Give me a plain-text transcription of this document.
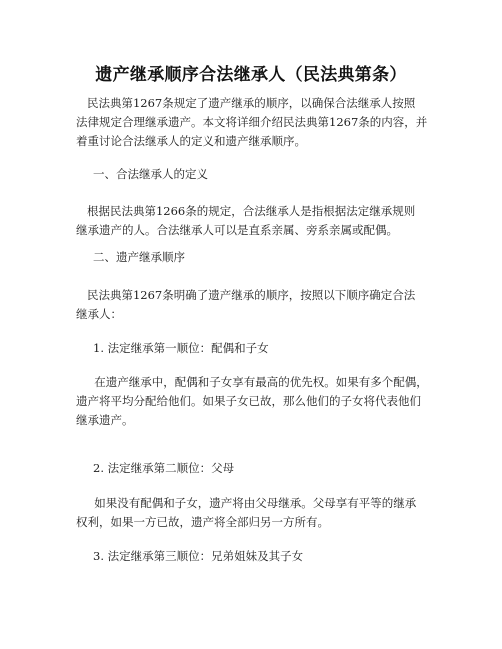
遗产继承顺序合法继承人（民法典第条）
民法典第1267条规定了遗产继承的顺序，以确保合法继承人按照
法律规定合理继承遗产。本文将详细介绍民法典第1267条的内容，并
着重讨论合法继承人的定义和遗产继承顺序。
一、合法继承人的定义
根据民法典第1266条的规定，合法继承人是指根据法定继承规则
继承遗产的人。合法继承人可以是直系亲属、旁系亲属或配偶。
二、遗产继承顺序
民法典第1267条明确了遗产继承的顺序，按照以下顺序确定合法
继承人：
1. 法定继承第一顺位：配偶和子女
在遗产继承中，配偶和子女享有最高的优先权。如果有多个配偶，
遗产将平均分配给他们。如果子女已故，那么他们的子女将代表他们
继承遗产。
2. 法定继承第二顺位：父母
如果没有配偶和子女，遗产将由父母继承。父母享有平等的继承
权利，如果一方已故，遗产将全部归另一方所有。
3. 法定继承第三顺位：兄弟姐妹及其子女
